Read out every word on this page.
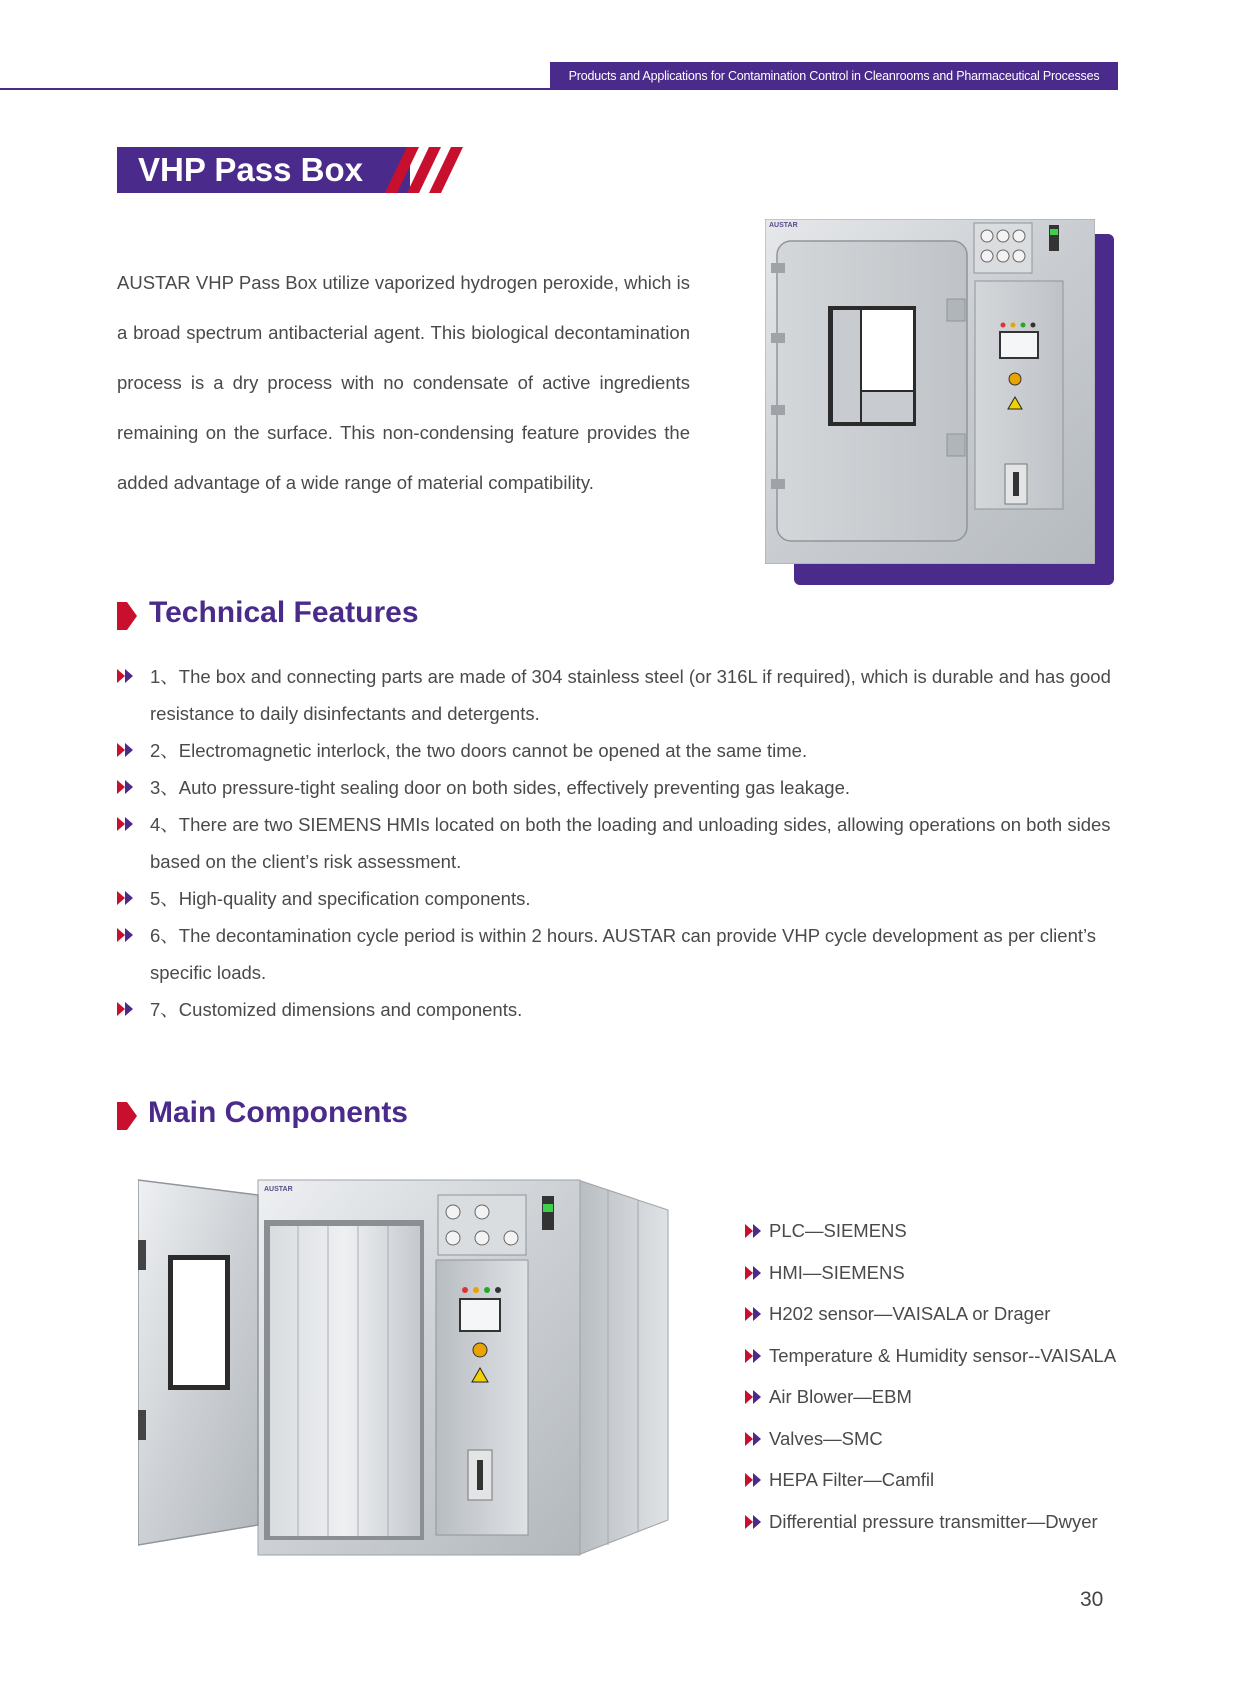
Products and Applications for Contamination Control in Cleanrooms and Pharmaceutical Processes
VHP Pass Box

AUSTAR VHP Pass Box utilize vaporized hydrogen peroxide, which is a broad spectrum antibacterial agent. This biological decontamination process is a dry process with no condensate of active ingredients remaining on the surface. This non-condensing feature provides the added advantage of a wide range of material compatibility.

AUSTAR
Technical Features
1、The box and connecting parts are made of 304 stainless steel (or 316L if required), which is durable and has good resistance to daily disinfectants and detergents.
2、Electromagnetic interlock, the two doors cannot be opened at the same time.
3、Auto pressure-tight sealing door on both sides, effectively preventing gas leakage.
4、There are two SIEMENS HMIs located on both the loading and unloading sides, allowing operations on both sides based on the client’s risk assessment.
5、High-quality and specification components.
6、The decontamination cycle period is within 2 hours. AUSTAR can provide VHP cycle development as per client’s specific loads.
7、Customized dimensions and components.
Main Components
AUSTAR
PLC—SIEMENS
HMI—SIEMENS
H202 sensor—VAISALA or Drager
Temperature & Humidity sensor--VAISALA
Air Blower—EBM
Valves—SMC
HEPA Filter—Camfil
Differential pressure transmitter—Dwyer
30
